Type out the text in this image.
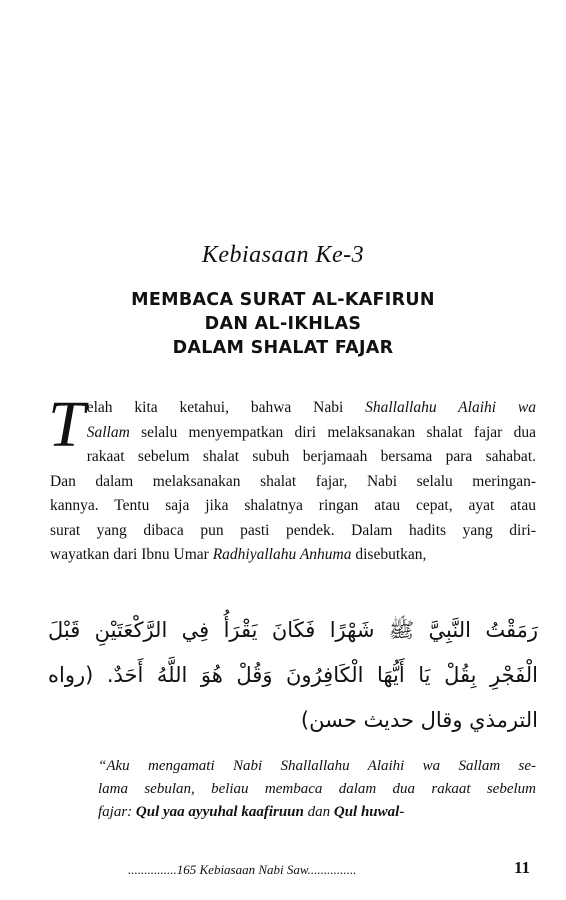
Kebiasaan Ke-3
MEMBACA SURAT AL-KAFIRUN
DAN AL-IKHLAS
DALAM SHALAT FAJAR
T elah kita ketahui, bahwa Nabi Shallallahu Alaihi wa
Sallam selalu menyempatkan diri melaksanakan shalat fajar dua
rakaat sebelum shalat subuh berjamaah bersama para sahabat.
Dan dalam melaksanakan shalat fajar, Nabi selalu meringan-
kannya. Tentu saja jika shalatnya ringan atau cepat, ayat atau
surat yang dibaca pun pasti pendek. Dalam hadits yang diri-
wayatkan dari Ibnu Umar Radhiyallahu Anhuma disebutkan,
رَمَقْتُ النَّبِيَّ ﷺ شَهْرًا فَكَانَ يَقْرَأُ فِي الرَّكْعَتَيْنِ قَبْلَ
الْفَجْرِ بِقُلْ يَا أَيُّهَا الْكَافِرُونَ وَقُلْ هُوَ اللَّهُ أَحَدٌ. (رواه
الترمذي وقال حديث حسن)
“Aku mengamati Nabi Shallallahu Alaihi wa Sallam se-
lama sebulan, beliau membaca dalam dua rakaat sebelum
fajar: Qul yaa ayyuhal kaafiruun dan Qul huwal-
...............165 Kebiasaan Nabi Saw...............	11
